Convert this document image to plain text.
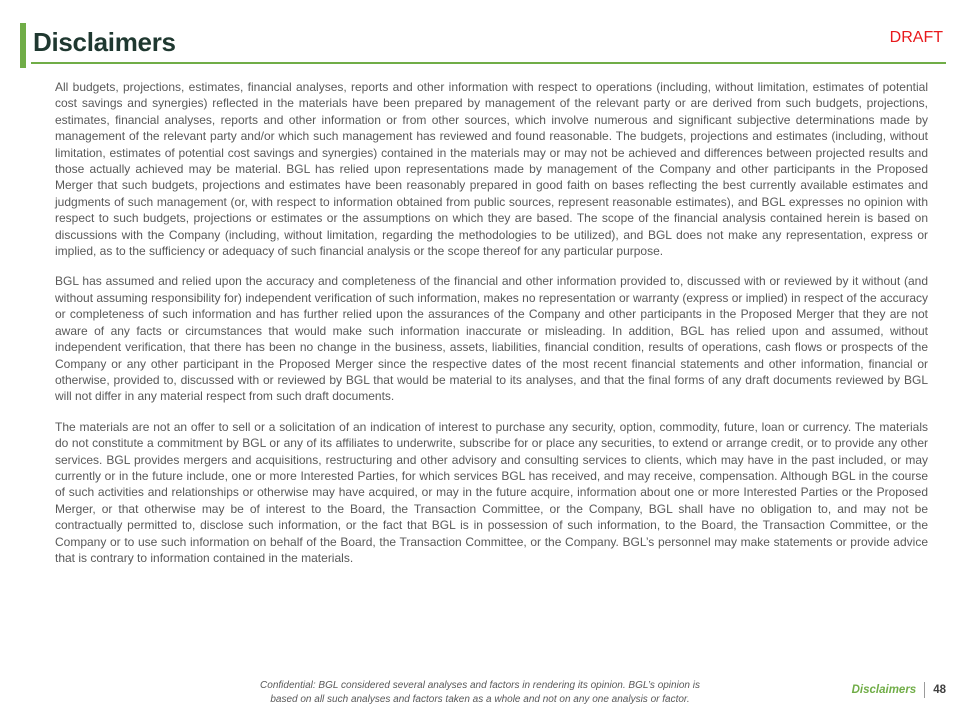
Disclaimers	DRAFT

All budgets, projections, estimates, financial analyses, reports and other information with respect to operations (including, without limitation, estimates of potential cost savings and synergies) reflected in the materials have been prepared by management of the relevant party or are derived from such budgets, projections, estimates, financial analyses, reports and other information or from other sources, which involve numerous and significant subjective determinations made by management of the relevant party and/or which such management has reviewed and found reasonable. The budgets, projections and estimates (including, without limitation, estimates of potential cost savings and synergies) contained in the materials may or may not be achieved and differences between projected results and those actually achieved may be material. BGL has relied upon representations made by management of the Company and other participants in the Proposed Merger that such budgets, projections and estimates have been reasonably prepared in good faith on bases reflecting the best currently available estimates and judgments of such management (or, with respect to information obtained from public sources, represent reasonable estimates), and BGL expresses no opinion with respect to such budgets, projections or estimates or the assumptions on which they are based. The scope of the financial analysis contained herein is based on discussions with the Company (including, without limitation, regarding the methodologies to be utilized), and BGL does not make any representation, express or implied, as to the sufficiency or adequacy of such financial analysis or the scope thereof for any particular purpose.

BGL has assumed and relied upon the accuracy and completeness of the financial and other information provided to, discussed with or reviewed by it without (and without assuming responsibility for) independent verification of such information, makes no representation or warranty (express or implied) in respect of the accuracy or completeness of such information and has further relied upon the assurances of the Company and other participants in the Proposed Merger that they are not aware of any facts or circumstances that would make such information inaccurate or misleading. In addition, BGL has relied upon and assumed, without independent verification, that there has been no change in the business, assets, liabilities, financial condition, results of operations, cash flows or prospects of the Company or any other participant in the Proposed Merger since the respective dates of the most recent financial statements and other information, financial or otherwise, provided to, discussed with or reviewed by BGL that would be material to its analyses, and that the final forms of any draft documents reviewed by BGL will not differ in any material respect from such draft documents.

The materials are not an offer to sell or a solicitation of an indication of interest to purchase any security, option, commodity, future, loan or currency. The materials do not constitute a commitment by BGL or any of its affiliates to underwrite, subscribe for or place any securities, to extend or arrange credit, or to provide any other services. BGL provides mergers and acquisitions, restructuring and other advisory and consulting services to clients, which may have in the past included, or may currently or in the future include, one or more Interested Parties, for which services BGL has received, and may receive, compensation. Although BGL in the course of such activities and relationships or otherwise may have acquired, or may in the future acquire, information about one or more Interested Parties or the Proposed Merger, or that otherwise may be of interest to the Board, the Transaction Committee, or the Company, BGL shall have no obligation to, and may not be contractually permitted to, disclose such information, or the fact that BGL is in possession of such information, to the Board, the Transaction Committee, or the Company or to use such information on behalf of the Board, the Transaction Committee, or the Company. BGL’s personnel may make statements or provide advice that is contrary to information contained in the materials.

Confidential: BGL considered several analyses and factors in rendering its opinion. BGL’s opinion is
based on all such analyses and factors taken as a whole and not on any one analysis or factor.
Disclaimers 48
